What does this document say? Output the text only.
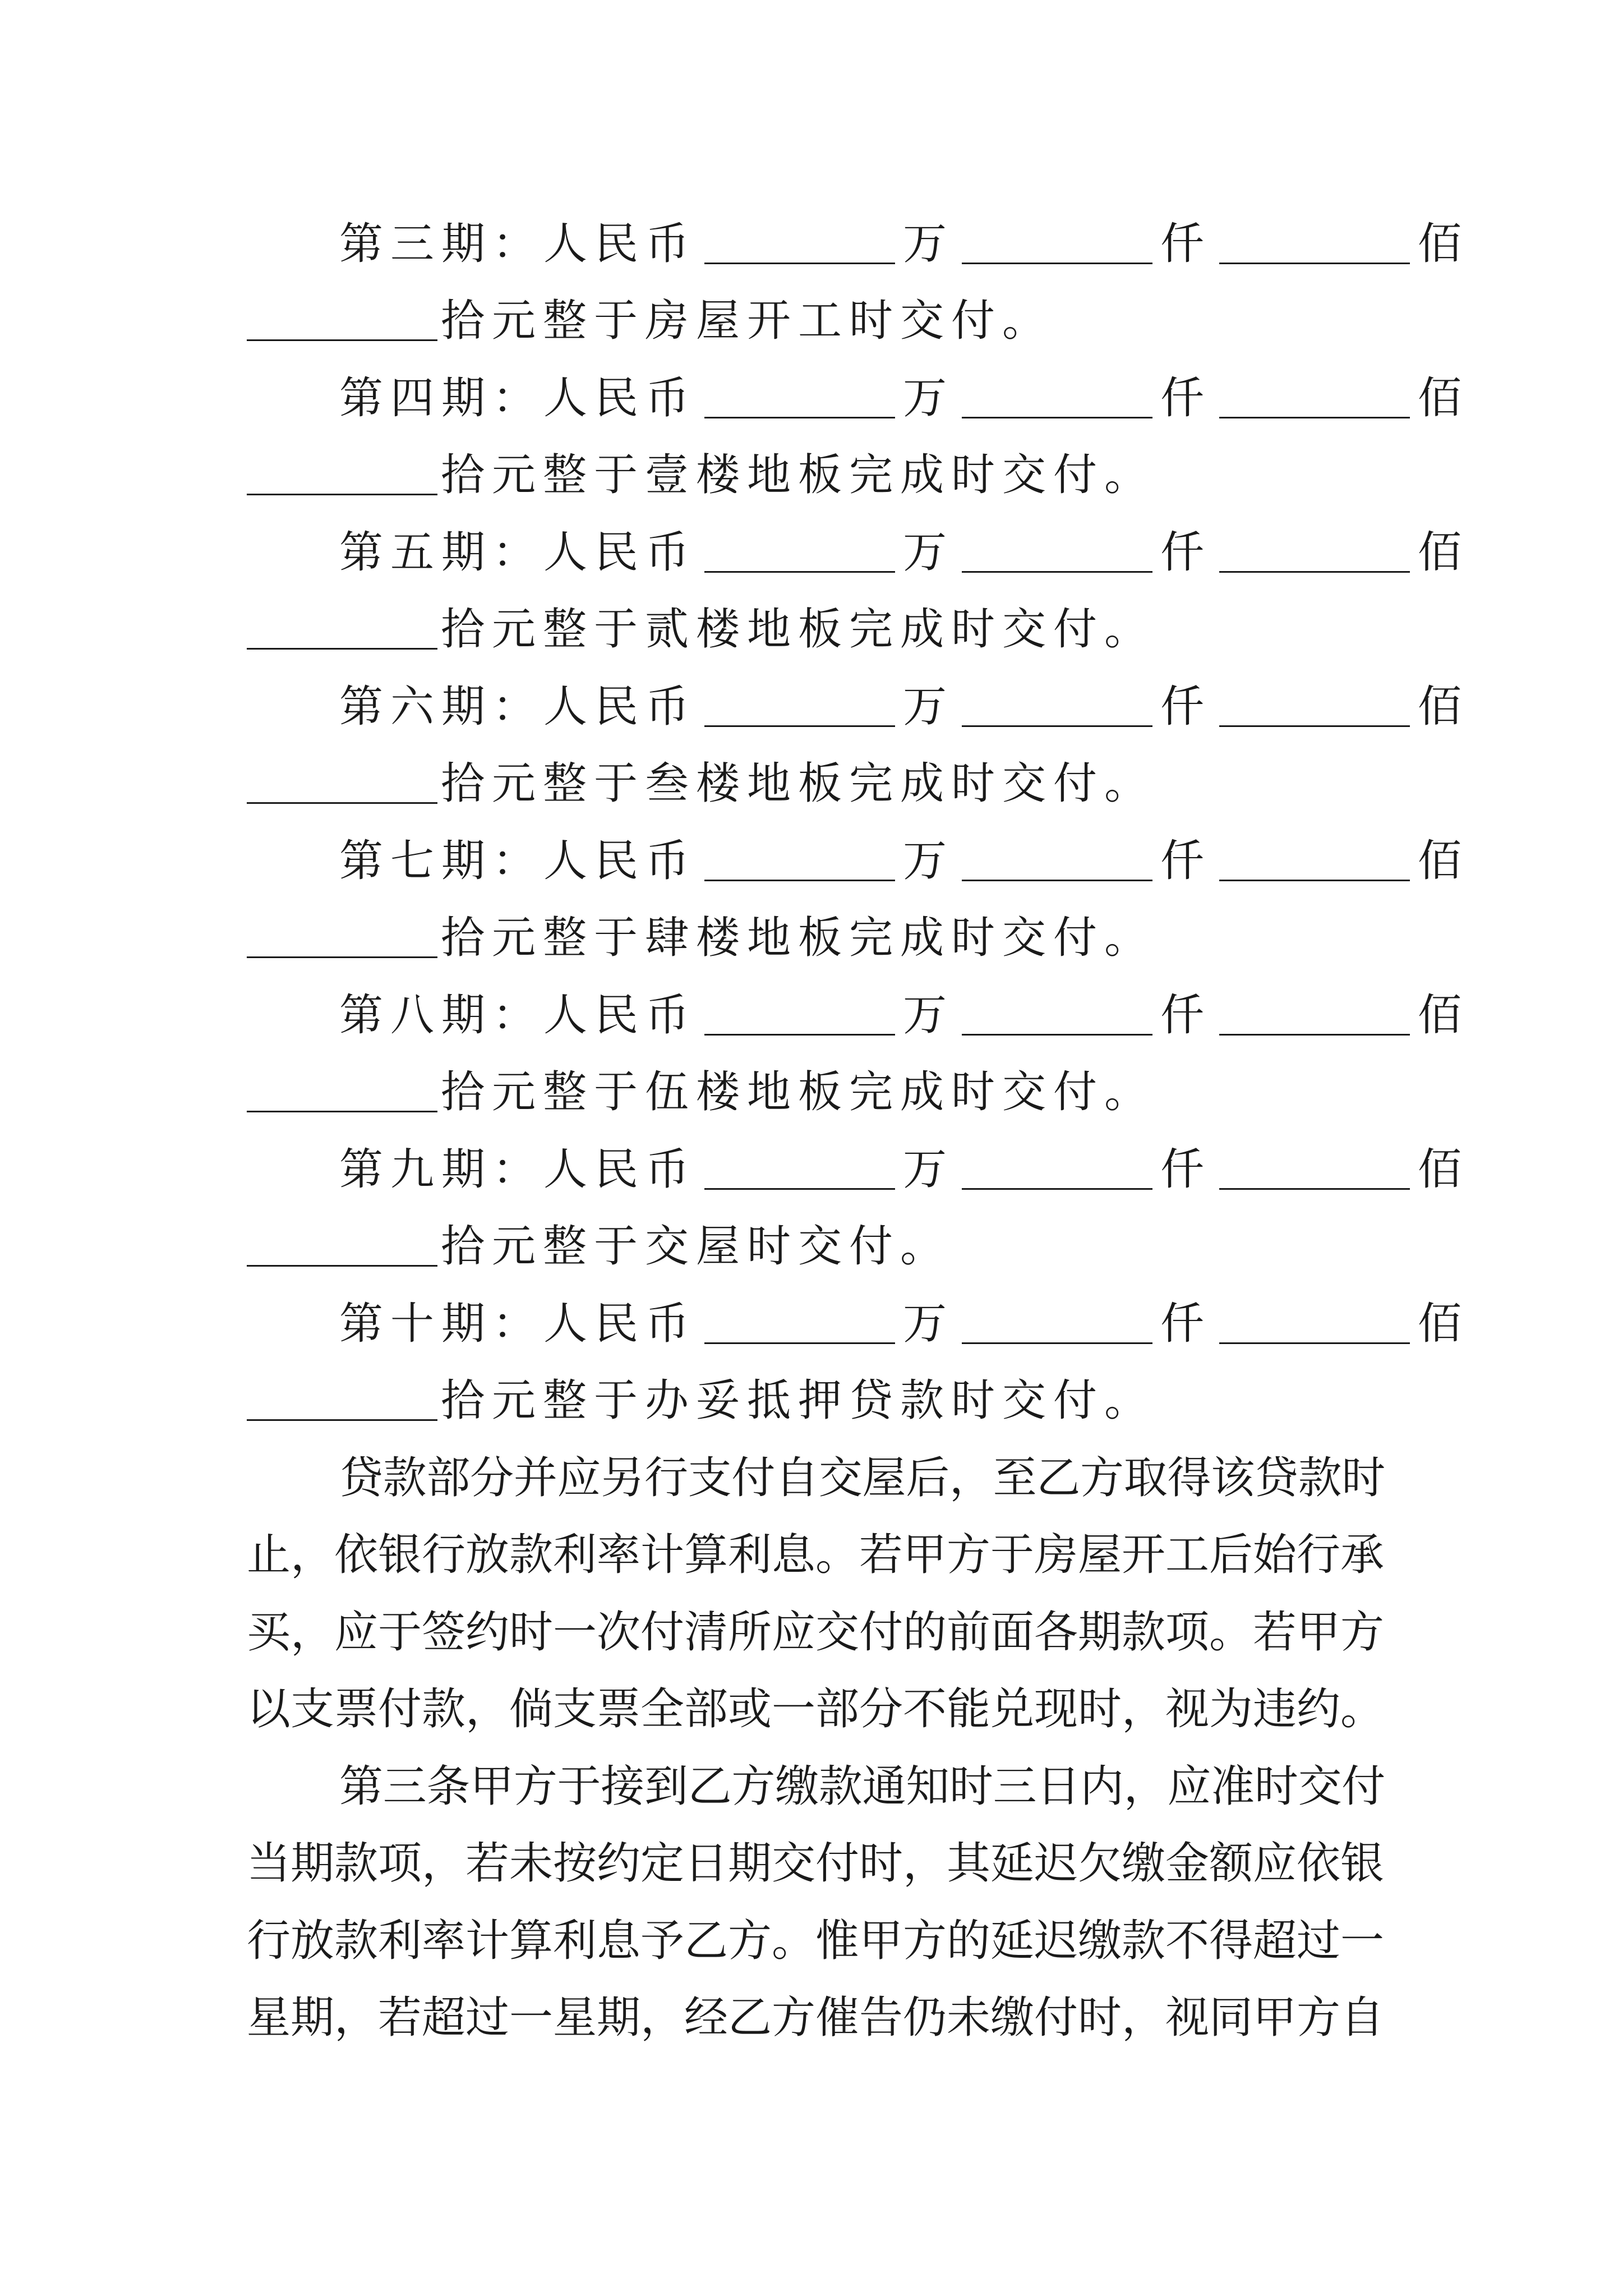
第三期：人民币	万	仟	佰
拾元整于房屋开工时交付。
第四期：人民币	万	仟	佰
拾元整于壹楼地板完成时交付。
第五期：人民币	万	仟	佰
拾元整于贰楼地板完成时交付。
第六期：人民币	万	仟	佰
拾元整于叁楼地板完成时交付。
第七期：人民币	万	仟	佰
拾元整于肆楼地板完成时交付。
第八期：人民币	万	仟	佰
拾元整于伍楼地板完成时交付。
第九期：人民币	万	仟	佰
拾元整于交屋时交付。
第十期：人民币	万	仟	佰
拾元整于办妥抵押贷款时交付。
贷款部分并应另行支付自交屋后，至乙方取得该贷款时
止，依银行放款利率计算利息。若甲方于房屋开工后始行承
买，应于签约时一次付清所应交付的前面各期款项。若甲方
以支票付款，倘支票全部或一部分不能兑现时，视为违约。
第三条甲方于接到乙方缴款通知时三日内，应准时交付
当期款项，若未按约定日期交付时，其延迟欠缴金额应依银
行放款利率计算利息予乙方。惟甲方的延迟缴款不得超过一
星期，若超过一星期，经乙方催告仍未缴付时，视同甲方自
